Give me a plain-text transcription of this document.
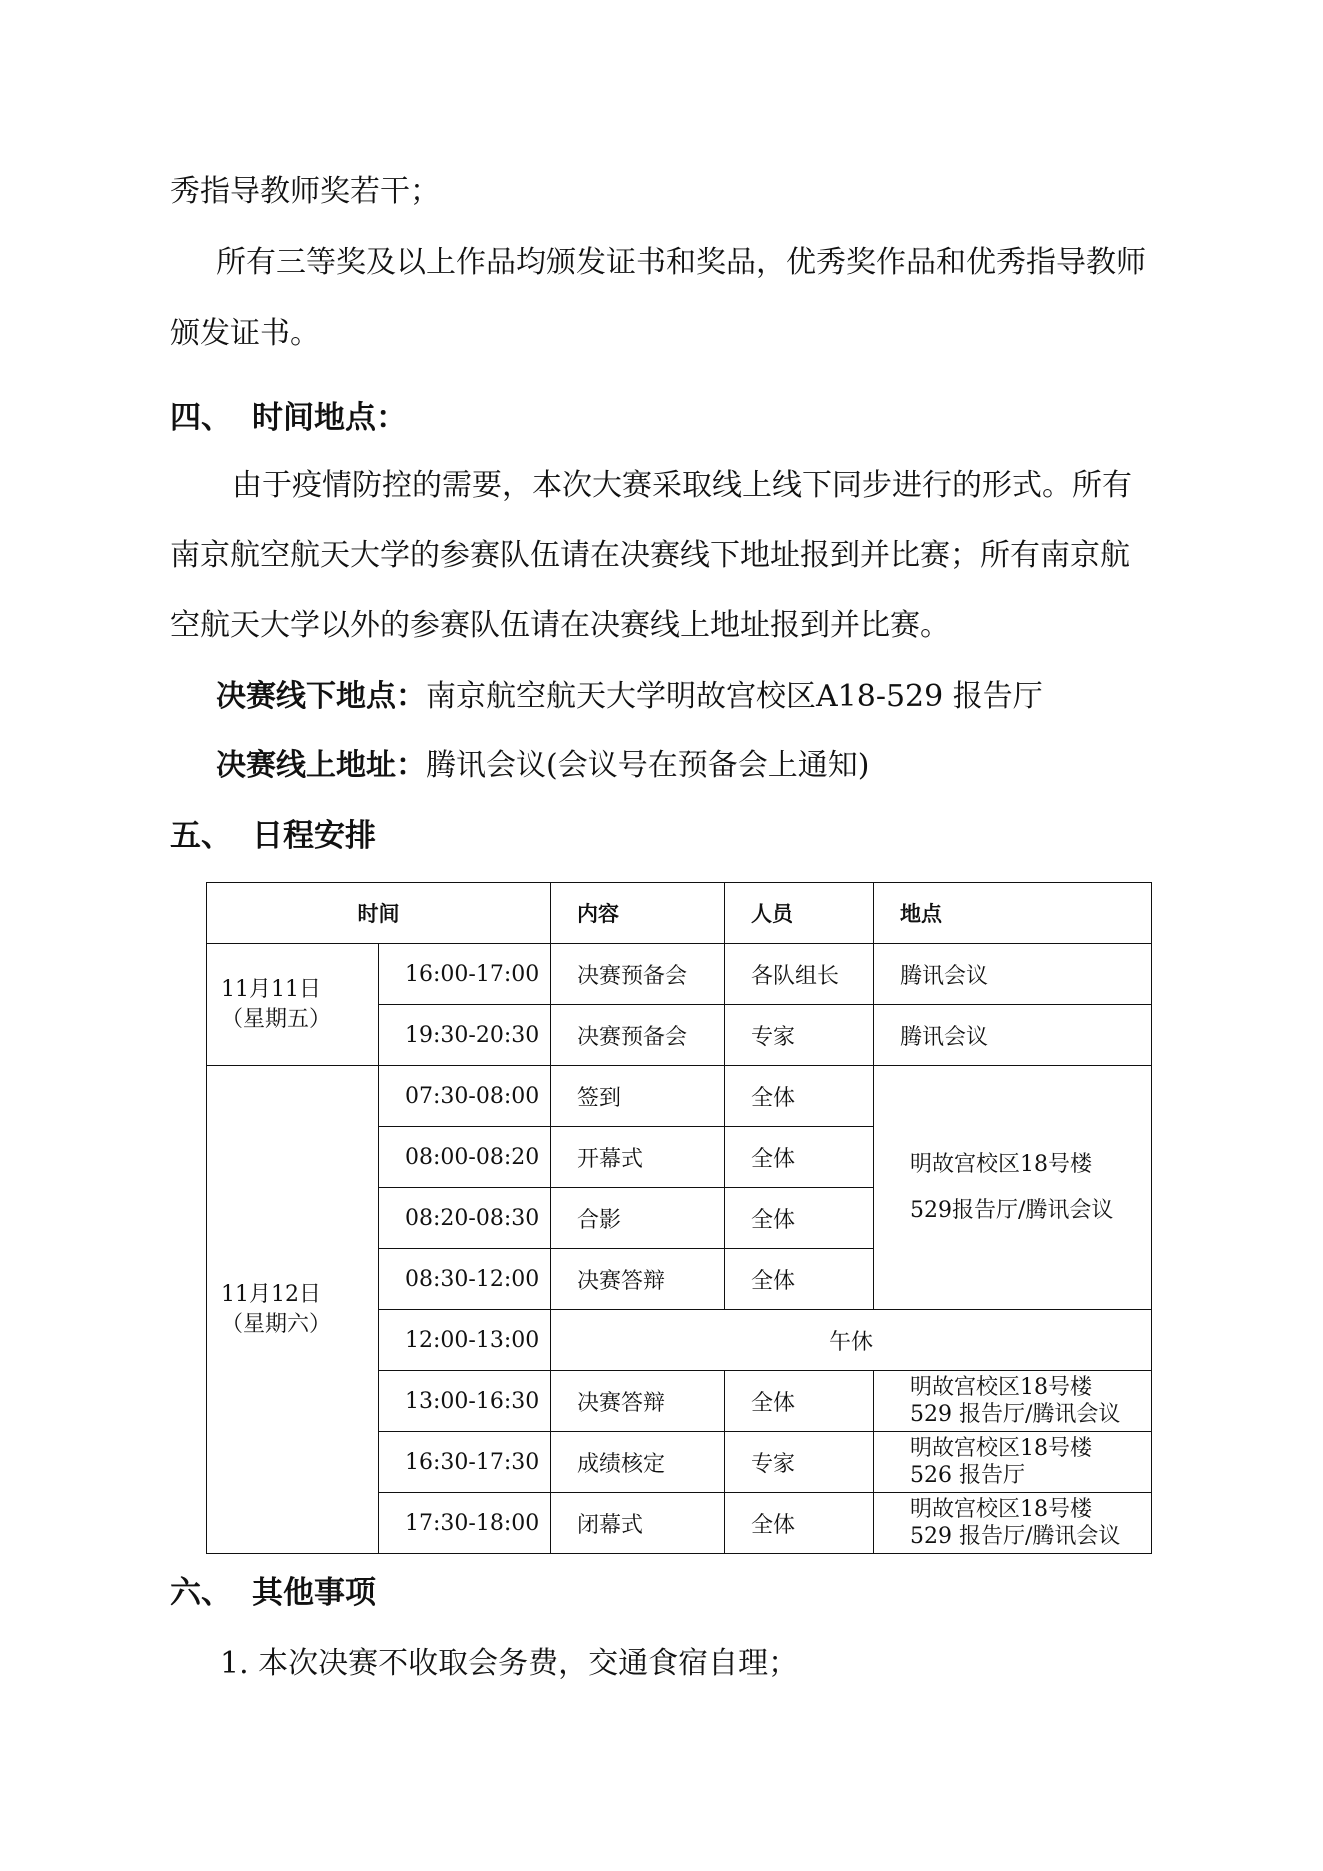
秀指导教师奖若干；
所有三等奖及以上作品均颁发证书和奖品，优秀奖作品和优秀指导教师
颁发证书。
四、 时间地点：
由于疫情防控的需要，本次大赛采取线上线下同步进行的形式。所有
南京航空航天大学的参赛队伍请在决赛线下地址报到并比赛；所有南京航
空航天大学以外的参赛队伍请在决赛线上地址报到并比赛。
决赛线下地点：南京航空航天大学明故宫校区A18-529 报告厅
决赛线上地址：腾讯会议(会议号在预备会上通知)
五、 日程安排
时间		内容	人员	地点

11月11日
（星期五）	16:00-17:00	决赛预备会	各队组长	腾讯会议
	19:30-20:30	决赛预备会	专家	腾讯会议

11月12日
（星期六）	07:30-08:00	签到	全体	明故宫校区18号楼
529报告厅/腾讯会议

	08:00-08:20	开幕式	全体	
	08:20-08:30	合影	全体	
	08:30-12:00	决赛答辩	全体	
	12:00-13:00	午休		
	13:00-16:30	决赛答辩	全体	明故宫校区18号楼
529 报告厅/腾讯会议

	16:30-17:30	成绩核定	专家	明故宫校区18号楼
526 报告厅

	17:30-18:00	闭幕式	全体	明故宫校区18号楼
529 报告厅/腾讯会议
六、 其他事项
1. 本次决赛不收取会务费，交通食宿自理；
